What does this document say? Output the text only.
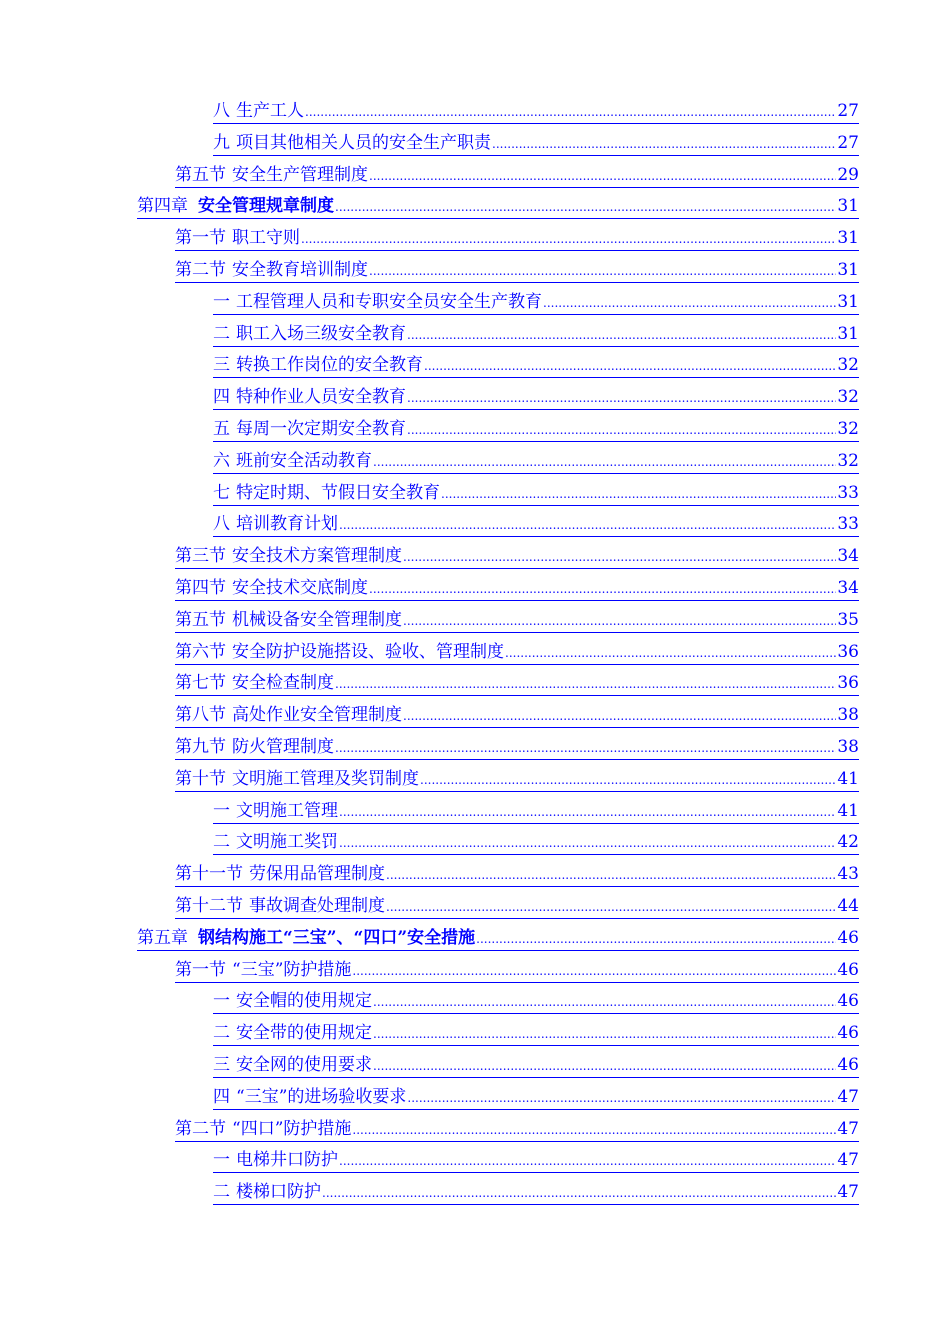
八 生产工人 .....	27
九 项目其他相关人员的安全生产职责 .....	27
第五节 安全生产管理制度 .....	29
第四章 安全管理规章制度 .....	31
第一节 职工守则 .....	31
第二节 安全教育培训制度 .....	31
一 工程管理人员和专职安全员安全生产教育 .....	31
二 职工入场三级安全教育 .....	31
三 转换工作岗位的安全教育 .....	32
四 特种作业人员安全教育 .....	32
五 每周一次定期安全教育 .....	32
六 班前安全活动教育 .....	32
七 特定时期、节假日安全教育 .....	33
八 培训教育计划 .....	33
第三节 安全技术方案管理制度 .....	34
第四节 安全技术交底制度 .....	34
第五节 机械设备安全管理制度 .....	35
第六节 安全防护设施搭设、验收、管理制度 .....	36
第七节 安全检查制度 .....	36
第八节 高处作业安全管理制度 .....	38
第九节 防火管理制度 .....	38
第十节 文明施工管理及奖罚制度 .....	41
一 文明施工管理 .....	41
二 文明施工奖罚 .....	42
第十一节 劳保用品管理制度 .....	43
第十二节 事故调查处理制度 .....	44
第五章 钢结构施工“三宝”、“四口”安全措施 .....	46
第一节 “三宝”防护措施 .....	46
一 安全帽的使用规定 .....	46
二 安全带的使用规定 .....	46
三 安全网的使用要求 .....	46
四 “三宝”的进场验收要求 .....	47
第二节 “四口”防护措施 .....	47
一 电梯井口防护 .....	47
二 楼梯口防护 .....	47
